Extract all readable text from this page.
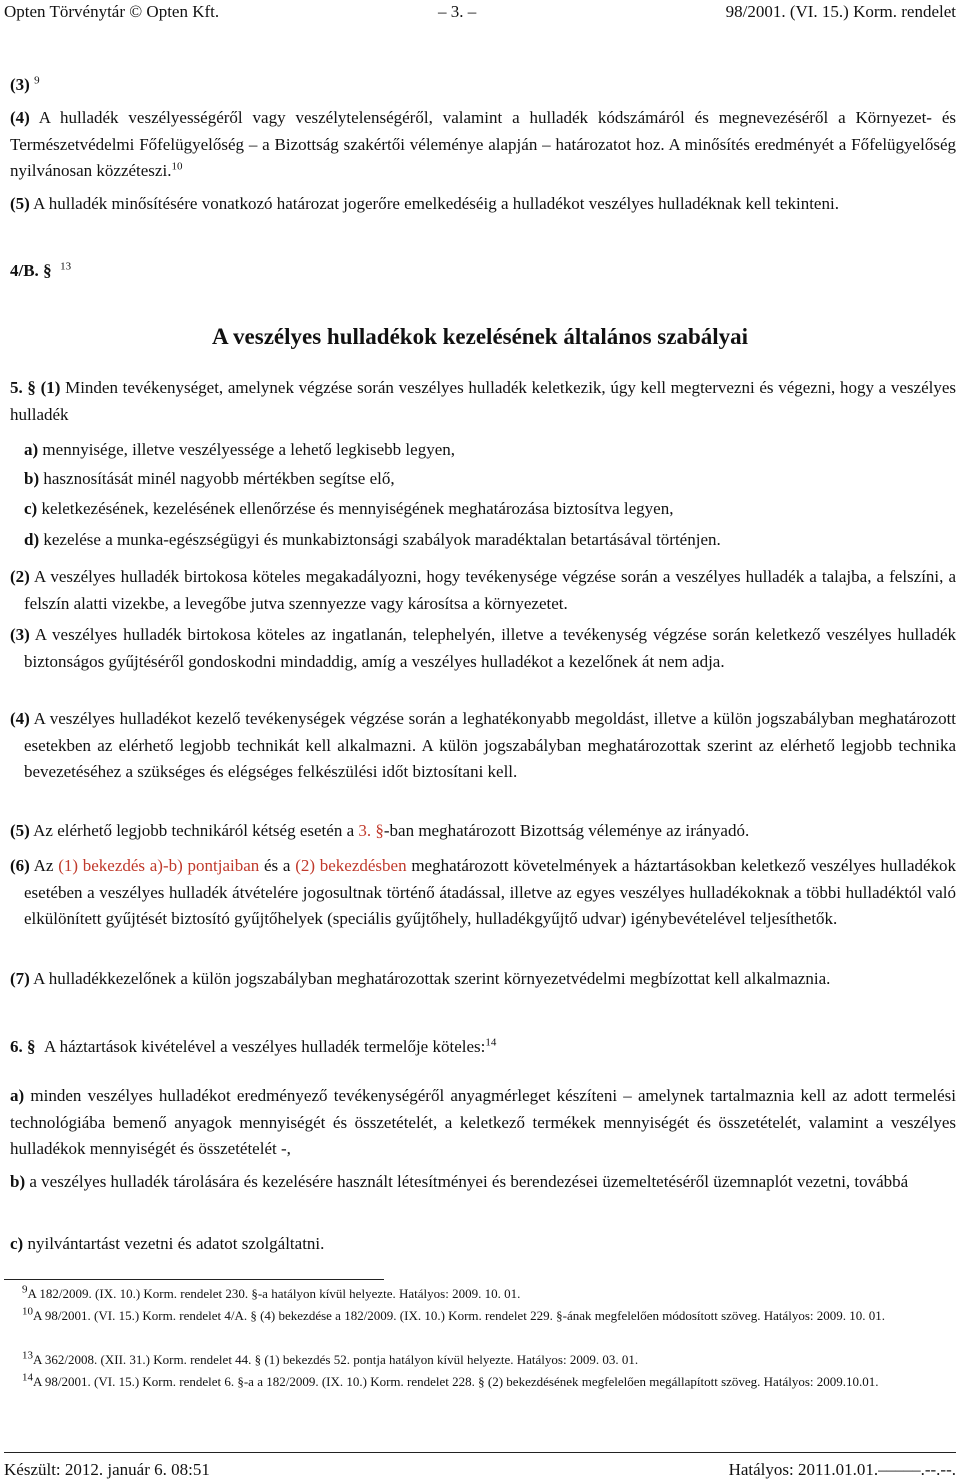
Opten Törvénytár © Opten Kft.	– 3. –	98/2001. (VI. 15.) Korm. rendelet
(3) $^9$
(4) A hulladék veszélyességéről vagy veszélytelenségéről, valamint a hulladék kódszámáról és megnevezéséről a Környezet- és Természetvédelmi Főfelügyelőség – a Bizottság szakértői véleménye alapján – határozatot hoz. A minősítés eredményét a Főfelügyelőség nyilvánosan közzéteszi.$^{10}$
(5) A hulladék minősítésére vonatkozó határozat jogerőre emelkedéséig a hulladékot veszélyes hulladéknak kell tekinteni.
4/B. § $^{13}$
A veszélyes hulladékok kezelésének általános szabályai
5. § (1) Minden tevékenységet, amelynek végzése során veszélyes hulladék keletkezik, úgy kell megtervezni és végezni, hogy a veszélyes hulladék
a) mennyisége, illetve veszélyessége a lehető legkisebb legyen,
b) hasznosítását minél nagyobb mértékben segítse elő,
c) keletkezésének, kezelésének ellenőrzése és mennyiségének meghatározása biztosítva legyen,
d) kezelése a munka-egészségügyi és munkabiztonsági szabályok maradéktalan betartásával történjen.
(2) A veszélyes hulladék birtokosa köteles megakadályozni, hogy tevékenysége végzése során a veszélyes hulladék a talajba, a felszíni, a felszín alatti vizekbe, a levegőbe jutva szennyezze vagy károsítsa a környezetet.
(3) A veszélyes hulladék birtokosa köteles az ingatlanán, telephelyén, illetve a tevékenység végzése során keletkező veszélyes hulladék biztonságos gyűjtéséről gondoskodni mindaddig, amíg a veszélyes hulladékot a kezelőnek át nem adja.
(4) A veszélyes hulladékot kezelő tevékenységek végzése során a leghatékonyabb megoldást, illetve a külön jogszabályban meghatározott esetekben az elérhető legjobb technikát kell alkalmazni. A külön jogszabályban meghatározottak szerint az elérhető legjobb technika bevezetéséhez a szükséges és elégséges felkészülési időt biztosítani kell.
(5) Az elérhető legjobb technikáról kétség esetén a 3. §-ban meghatározott Bizottság véleménye az irányadó.
(6) Az (1) bekezdés a)-b) pontjaiban és a (2) bekezdésben meghatározott követelmények a háztartásokban keletkező veszélyes hulladékok esetében a veszélyes hulladék átvételére jogosultnak történő átadással, illetve az egyes veszélyes hulladékoknak a többi hulladéktól való elkülönített gyűjtését biztosító gyűjtőhelyek (speciális gyűjtőhely, hulladékgyűjtő udvar) igénybevételével teljesíthetők.
(7) A hulladékkezelőnek a külön jogszabályban meghatározottak szerint környezetvédelmi megbízottat kell alkalmaznia.
6. § A háztartások kivételével a veszélyes hulladék termelője köteles:$^{14}$
a) minden veszélyes hulladékot eredményező tevékenységéről anyagmérleget készíteni – amelynek tartalmaznia kell az adott termelési technológiába bemenő anyagok mennyiségét és összetételét, a keletkező termékek mennyiségét és összetételét, valamint a veszélyes hulladékok mennyiségét és összetételét -,
b) a veszélyes hulladék tárolására és kezelésére használt létesítményei és berendezései üzemeltetéséről üzemnaplót vezetni, továbbá
c) nyilvántartást vezetni és adatot szolgáltatni.
$^9$A 182/2009. (IX. 10.) Korm. rendelet 230. §-a hatályon kívül helyezte. Hatályos: 2009. 10. 01.
$^{10}$A 98/2001. (VI. 15.) Korm. rendelet 4/A. § (4) bekezdése a 182/2009. (IX. 10.) Korm. rendelet 229. §-ának megfelelően módosított szöveg. Hatályos: 2009. 10. 01.
$^{13}$A 362/2008. (XII. 31.) Korm. rendelet 44. § (1) bekezdés 52. pontja hatályon kívül helyezte. Hatályos: 2009. 03. 01.
$^{14}$A 98/2001. (VI. 15.) Korm. rendelet 6. §-a a 182/2009. (IX. 10.) Korm. rendelet 228. § (2) bekezdésének megfelelően megállapított szöveg. Hatályos: 2009.10.01.
Készült: 2012. január 6. 08:51	Hatályos: 2011.01.01.–––––.--.--.
